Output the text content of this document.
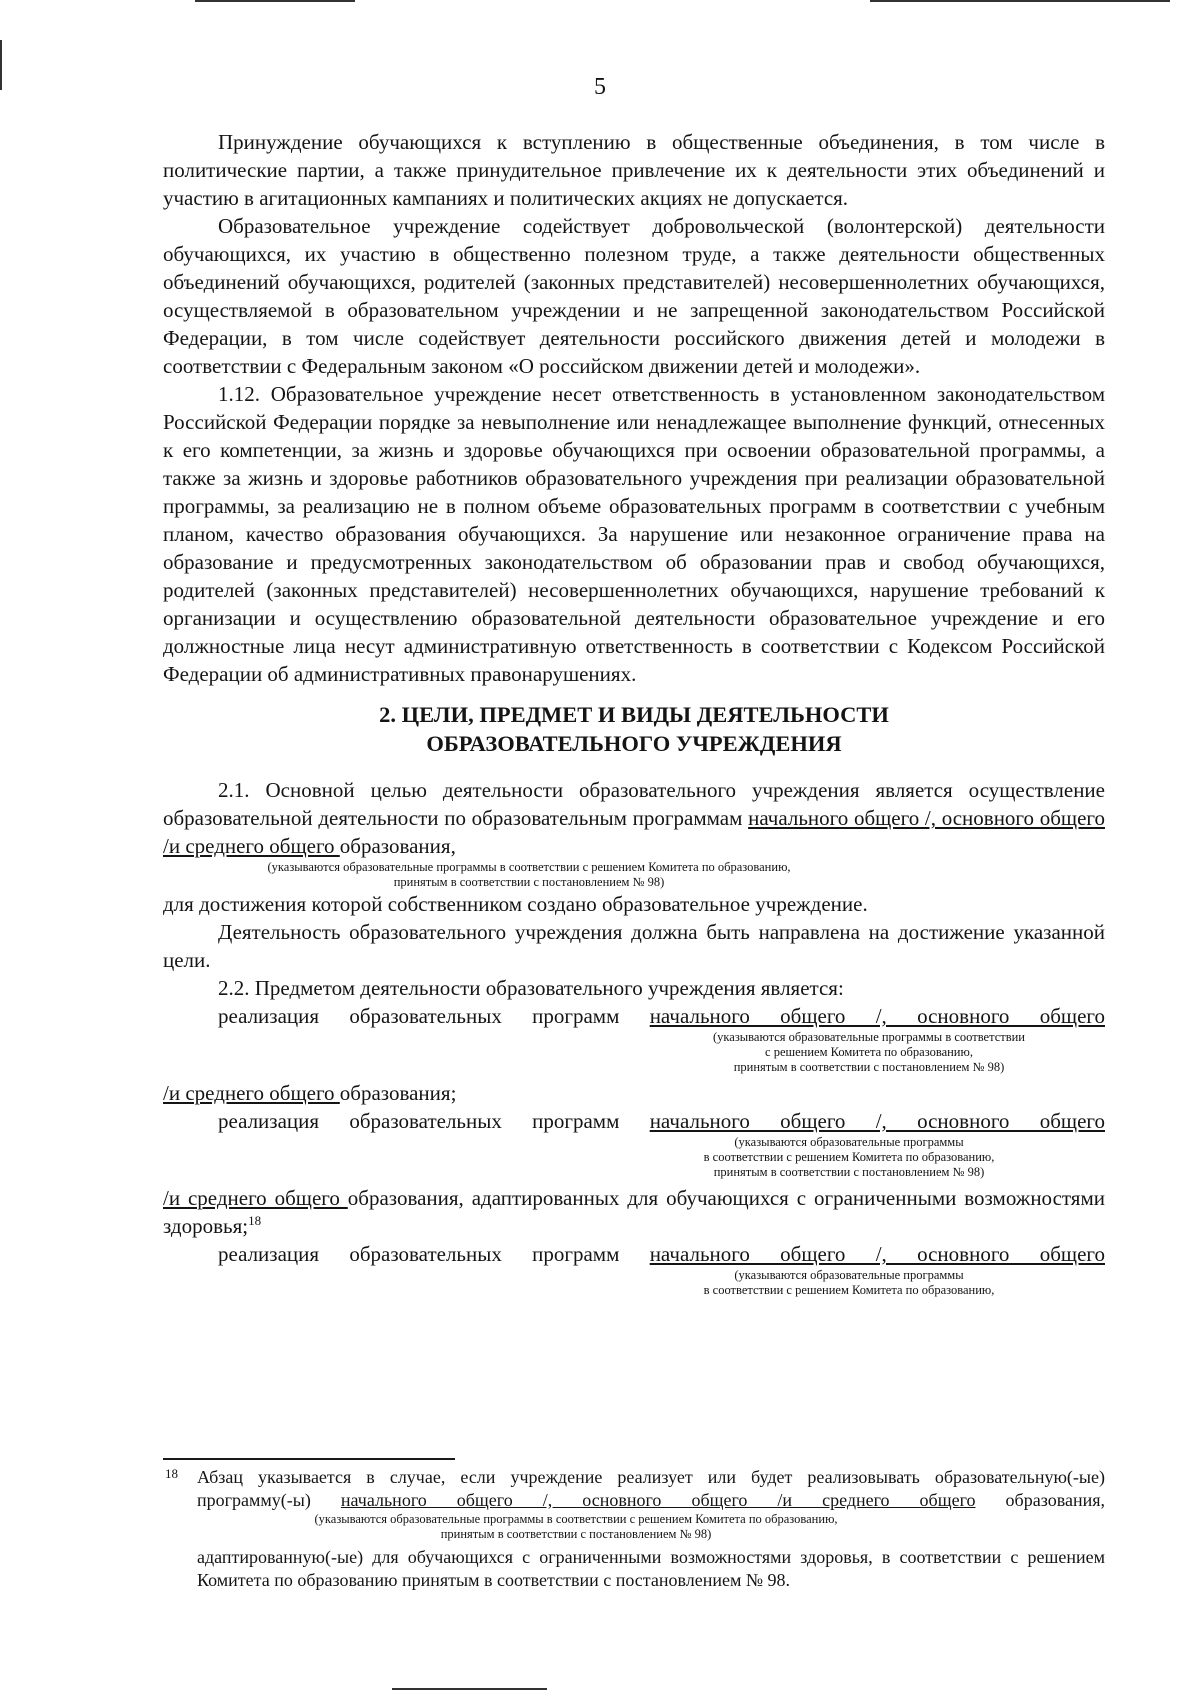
5

Принуждение обучающихся к вступлению в общественные объединения, в том числе в политические партии, а также принудительное привлечение их к деятельности этих объединений и участию в агитационных кампаниях и политических акциях не допускается.

Образовательное учреждение содействует добровольческой (волонтерской) деятельности обучающихся, их участию в общественно полезном труде, а также деятельности общественных объединений обучающихся, родителей (законных представителей) несовершеннолетних обучающихся, осуществляемой в образовательном учреждении и не запрещенной законодательством Российской Федерации, в том числе содействует деятельности российского движения детей и молодежи в соответствии с Федеральным законом «О российском движении детей и молодежи».

1.12. Образовательное учреждение несет ответственность в установленном законодательством Российской Федерации порядке за невыполнение или ненадлежащее выполнение функций, отнесенных к его компетенции, за жизнь и здоровье обучающихся при освоении образовательной программы, а также за жизнь и здоровье работников образовательного учреждения при реализации образовательной программы, за реализацию не в полном объеме образовательных программ в соответствии с учебным планом, качество образования обучающихся. За нарушение или незаконное ограничение права на образование и предусмотренных законодательством об образовании прав и свобод обучающихся, родителей (законных представителей) несовершеннолетних обучающихся, нарушение требований к организации и осуществлению образовательной деятельности образовательное учреждение и его должностные лица несут административную ответственность в соответствии с Кодексом Российской Федерации об административных правонарушениях.

2. ЦЕЛИ, ПРЕДМЕТ И ВИДЫ ДЕЯТЕЛЬНОСТИ
ОБРАЗОВАТЕЛЬНОГО УЧРЕЖДЕНИЯ

2.1. Основной целью деятельности образовательного учреждения является осуществление образовательной деятельности по образовательным программам начального общего /, основного общего /и среднего общего образования,

(указываются образовательные программы в соответствии с решением Комитета по образованию,
принятым в соответствии с постановлением № 98)

для достижения которой собственником создано образовательное учреждение.

Деятельность образовательного учреждения должна быть направлена на достижение указанной цели.

2.2. Предметом деятельности образовательного учреждения является:

реализация образовательных программ начального общего /, основного общего

(указываются образовательные программы в соответствии
с решением Комитета по образованию,
принятым в соответствии с постановлением № 98)

/и среднего общего образования;

реализация образовательных программ начального общего /, основного общего

(указываются образовательные программы
в соответствии с решением Комитета по образованию,
принятым в соответствии с постановлением № 98)

/и среднего общего образования, адаптированных для обучающихся с ограниченными возможностями здоровья;$^{18}$

реализация образовательных программ начального общего /, основного общего

(указываются образовательные программы
в соответствии с решением Комитета по образованию,
18 Абзац указывается в случае, если учреждение реализует или будет реализовывать образовательную(-ые)

программу(-ы) начального общего /, основного общего /и среднего общего образования,

(указываются образовательные программы в соответствии с решением Комитета по образованию,
принятым в соответствии с постановлением № 98)

адаптированную(-ые) для обучающихся с ограниченными возможностями здоровья, в соответствии с решением Комитета по образованию принятым в соответствии с постановлением № 98.
